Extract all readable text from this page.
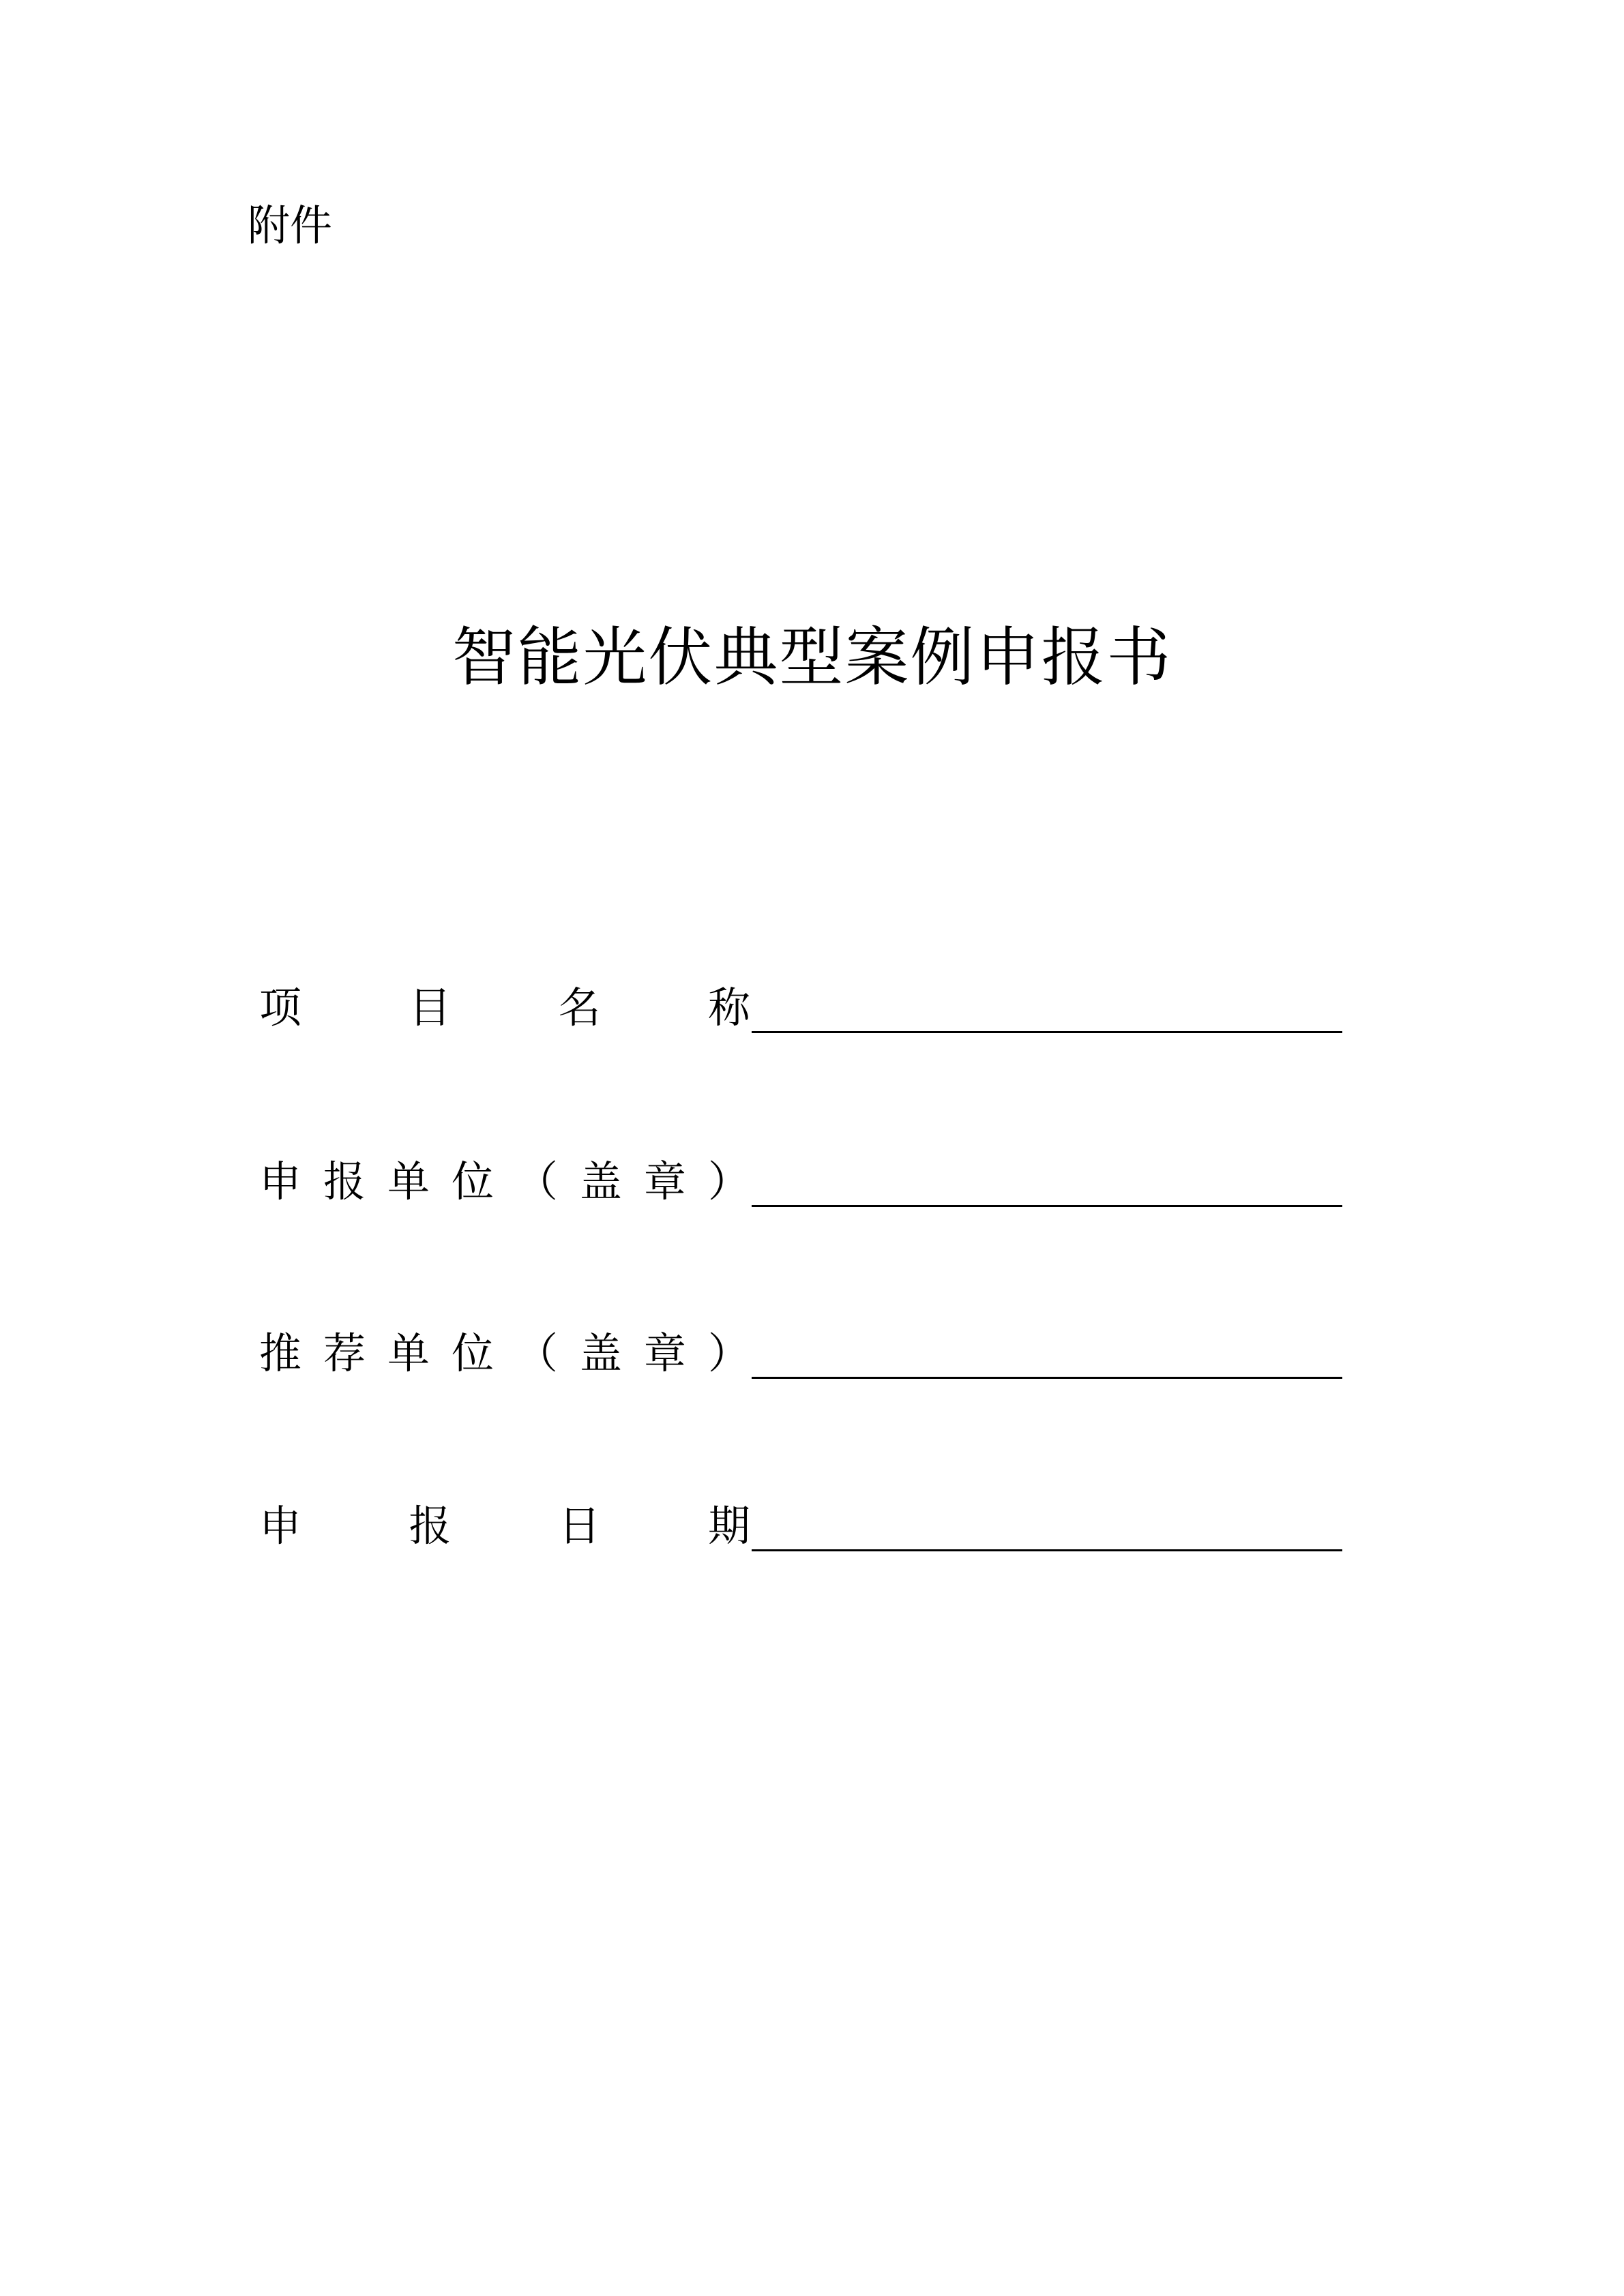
附件
智能光伏典型案例申报书
项	目	名	称
申 报 单 位 （ 盖 章 ）
推 荐 单 位 （ 盖 章 ）
申	报	日	期
